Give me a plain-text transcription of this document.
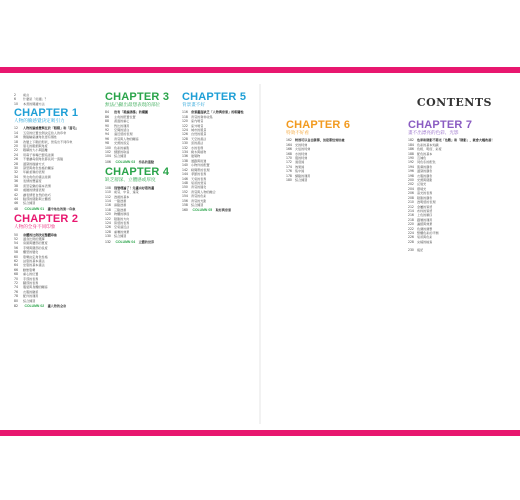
2	前言
6	什麼是「好讀」？
10	本書的閱讀方法
CHAPTER 1
人物的臉感覺決定吸引力
12	人物的臉感覺與在於「眼睛」和「眉毛」
14	五官的位置比例決定給人的印象
16	側臉輪廓讓角色更有個性
18	改變上下眼的形狀，營造出不同印象
20	眉毛的粗細與角度
22	眼睛的大小與距離
24	用鼻子和嘴巴製造差異
26	不要讓每個角色都長同一張臉
28	頭髮的描繪方式
30	髮型與角色性格的關係
32	年齡差異的表現
34	男女角色的畫法差異
36	表情的豐富度
38	喜怒哀樂的基本表情
40	複雜的情緒表現
42	讓表情更自然的技巧
44	臉部的陰影與立體感
46	綜合練習
48	COLUMN 01	畫中角色的第一印象
CHAPTER 2
人物的全身不同印象
50	身體的比例決定整體印象
52	頭身比例的選擇
54	肩膀與腰部的寬度
56	手臂與腿部的長度
58	體型的變化
60	姿勢決定角色性格
62	站姿的基本畫法
64	坐姿的基本畫法
66	動態姿勢
68	重心的位置
70	手部的表現
72	腳部的表現
74	服裝與身體的關係
76	衣服的皺褶
78	配件的運用
80	綜合練習
82	COLUMN 02	畫人物的全身
CHAPTER 3
無法凸顯出最想表現的部位
84	沒有「視線誘導」的構圖
86	主角的配置位置
88	畫面的重心
90	對比的運用
92	空間的留白
94	遠近感的表現
96	背景與人物的關係
98	光源的設定
100 色彩的重點
102 細節的取捨
104 綜合練習
106	COLUMN 03	作品的重點
CHAPTER 4
缺乏層深、立體感或厚度
108 別管理論了！先畫出好看的畫
110 前景、中景、遠景
112 透視的基本
114 一點透視
116 兩點透視
118 三點透視
120 物體的厚度
122 陰影的方向
124 質感的表現
126 空氣遠近法
128 重疊的效果
130 綜合練習
132	COLUMN 04	立體的世界
CHAPTER 5
背景畫不好
116 背景畫面缺乏「人物與背景」的相關性
118 背景的資料收集
120 室內場景
122 室外場景
124 城市的風景
126 自然的風景
128 天空的畫法
130 雲的畫法
132 水的表現
134 樹木與植物
136 建築物
138 道路與街道
140 小物件的配置
142 時間帶的表現
144 季節的表現
146 天氣的表現
148 氣氛的營造
150 背景的簡化
152 背景與人物的融合
154 背景的色彩
156 背景的光影
158 綜合練習
160	COLUMN 05	取材與背景
CONTENTS
CHAPTER 6
特效不好看
162 特效可以自由發揮，但是要恰到好處
164 光的特效
166 火焰的特效
168 水的特效
170 風的特效
172 速度線
174 效果線
176 集中線
178 網點的運用
180 綜合練習
CHAPTER 7
畫不出漂亮的色彩、光影
182 色彩和陰影不要光「色數」和「陰影」，就會大幅改善！
184 色彩的基本知識
186 色相、明度、彩度
188 配色的基本
190 互補色
192 同色系的配色
194 肌膚的顏色
196 頭髮的顏色
198 衣服的顏色
200 光源與陰影
202 反射光
204 環境光
206 高光的表現
208 陰影的顏色
210 透明感的表現
212 金屬的質感
214 布料的質感
216 上色的順序
218 圖層的運用
220 濾鏡與效果
222 色調的調整
224 整體色彩的平衡
226 氣氛與色彩
228 完稿的檢查
230 後記
